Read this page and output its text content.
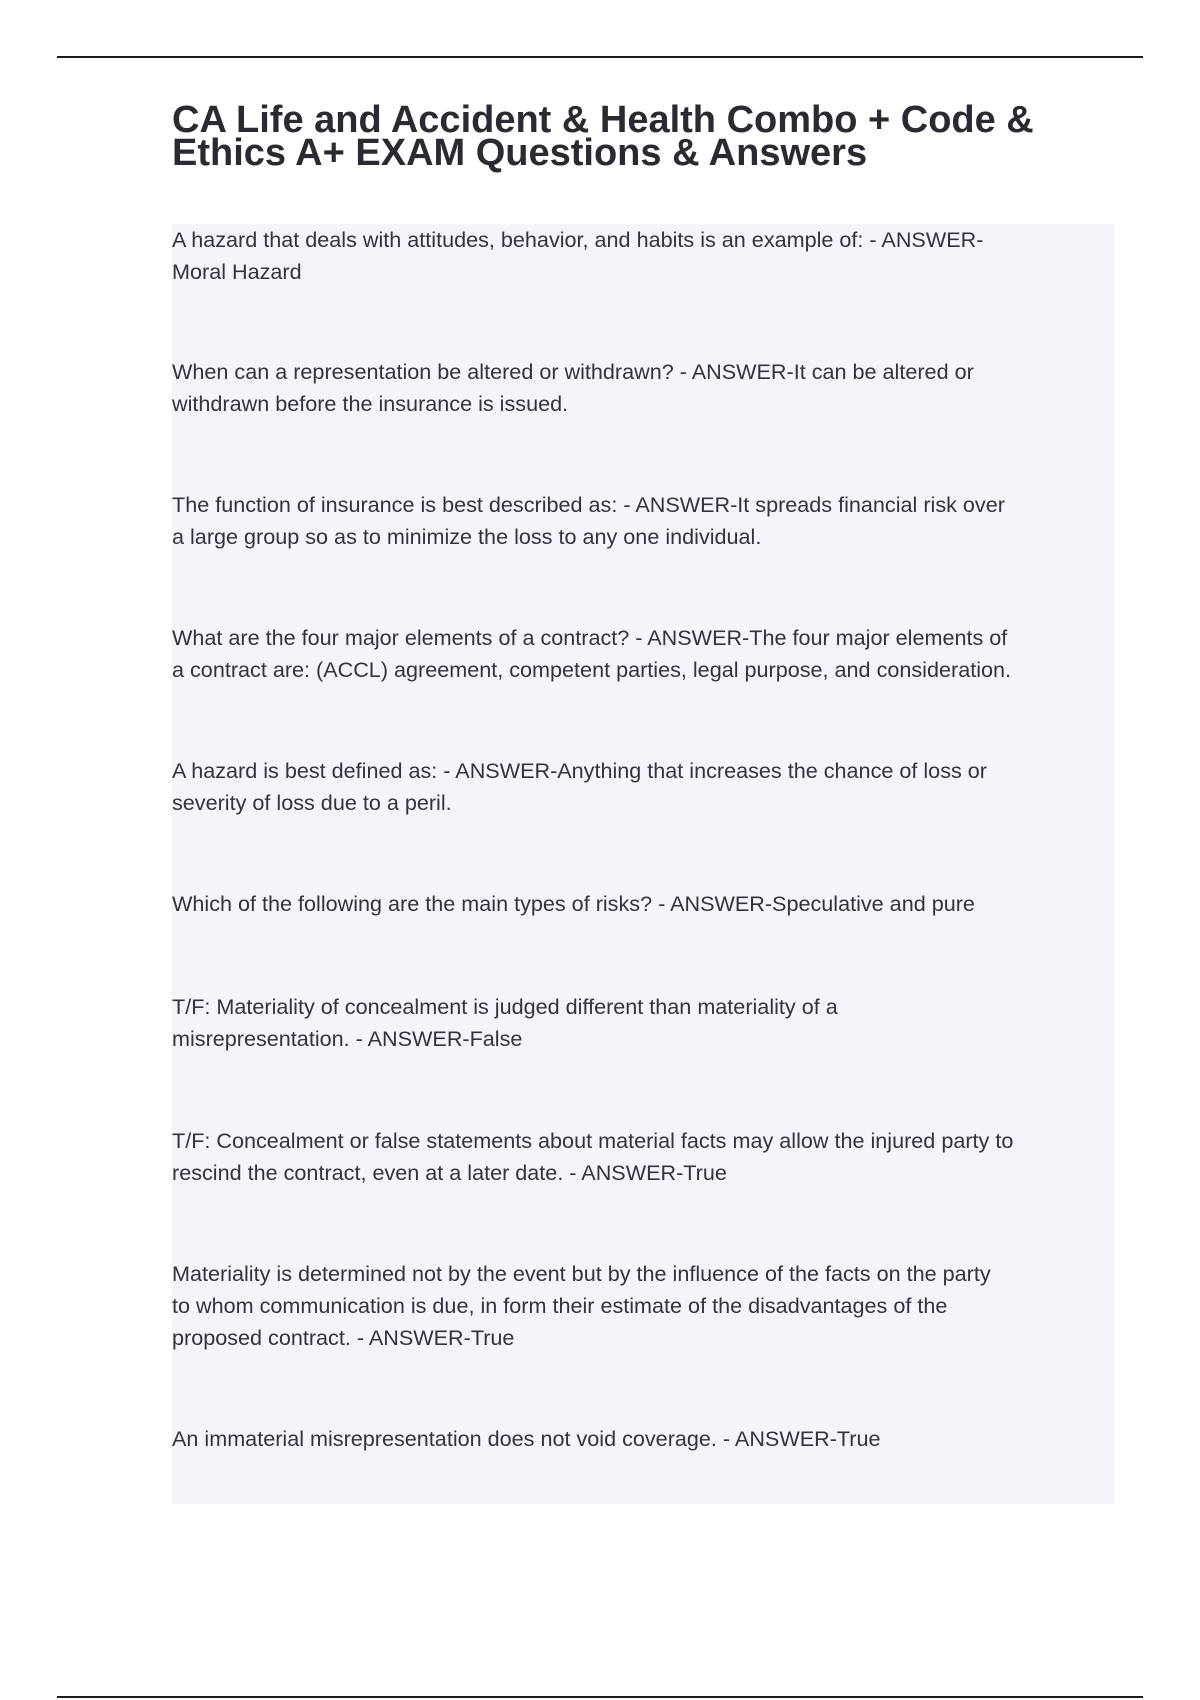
CA Life and Accident & Health Combo + Code &
Ethics A+ EXAM Questions & Answers

A hazard that deals with attitudes, behavior, and habits is an example of: - ANSWER-
Moral Hazard

When can a representation be altered or withdrawn? - ANSWER-It can be altered or
withdrawn before the insurance is issued.

The function of insurance is best described as: - ANSWER-It spreads financial risk over
a large group so as to minimize the loss to any one individual.

What are the four major elements of a contract? - ANSWER-The four major elements of
a contract are: (ACCL) agreement, competent parties, legal purpose, and consideration.

A hazard is best defined as: - ANSWER-Anything that increases the chance of loss or
severity of loss due to a peril.

Which of the following are the main types of risks? - ANSWER-Speculative and pure

T/F: Materiality of concealment is judged different than materiality of a
misrepresentation. - ANSWER-False

T/F: Concealment or false statements about material facts may allow the injured party to
rescind the contract, even at a later date. - ANSWER-True

Materiality is determined not by the event but by the influence of the facts on the party
to whom communication is due, in form their estimate of the disadvantages of the
proposed contract. - ANSWER-True

An immaterial misrepresentation does not void coverage. - ANSWER-True
